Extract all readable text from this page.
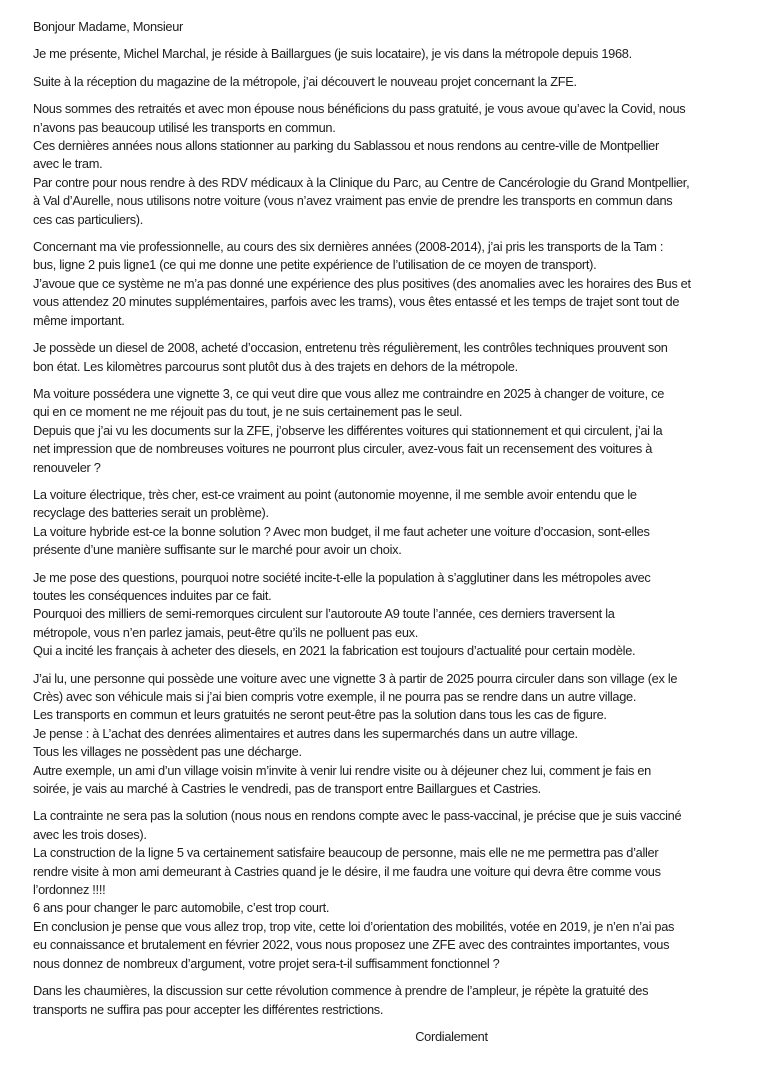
Bonjour Madame, Monsieur
Je me présente, Michel Marchal, je réside à Baillargues (je suis locataire), je vis dans la métropole depuis 1968.
Suite à la réception du magazine de la métropole, j’ai découvert le nouveau projet concernant la ZFE.
Nous sommes des retraités et avec mon épouse nous bénéficions du pass gratuité, je vous avoue qu’avec la Covid, nous
n’avons pas beaucoup utilisé les transports en commun.
Ces dernières années nous allons stationner au parking du Sablassou et nous rendons au centre-ville de Montpellier
avec le tram.
Par contre pour nous rendre à des RDV médicaux à la Clinique du Parc, au Centre de Cancérologie du Grand Montpellier,
à Val d’Aurelle, nous utilisons notre voiture (vous n’avez vraiment pas envie de prendre les transports en commun dans
ces cas particuliers).
Concernant ma vie professionnelle, au cours des six dernières années (2008-2014), j’ai pris les transports de la Tam :
bus, ligne 2 puis ligne1 (ce qui me donne une petite expérience de l’utilisation de ce moyen de transport).
J’avoue que ce système ne m’a pas donné une expérience des plus positives (des anomalies avec les horaires des Bus et
vous attendez 20 minutes supplémentaires, parfois avec les trams), vous êtes entassé et les temps de trajet sont tout de
même important.
Je possède un diesel de 2008, acheté d’occasion, entretenu très régulièrement, les contrôles techniques prouvent son
bon état. Les kilomètres parcourus sont plutôt dus à des trajets en dehors de la métropole.
Ma voiture possédera une vignette 3, ce qui veut dire que vous allez me contraindre en 2025 à changer de voiture, ce
qui en ce moment ne me réjouit pas du tout, je ne suis certainement pas le seul.
Depuis que j’ai vu les documents sur la ZFE, j’observe les différentes voitures qui stationnement et qui circulent, j’ai la
net impression que de nombreuses voitures ne pourront plus circuler, avez-vous fait un recensement des voitures à
renouveler ?
La voiture électrique, très cher, est-ce vraiment au point (autonomie moyenne, il me semble avoir entendu que le
recyclage des batteries serait un problème).
La voiture hybride est-ce la bonne solution ? Avec mon budget, il me faut acheter une voiture d’occasion, sont-elles
présente d’une manière suffisante sur le marché pour avoir un choix.
Je me pose des questions, pourquoi notre société incite-t-elle la population à s’agglutiner dans les métropoles avec
toutes les conséquences induites par ce fait.
Pourquoi des milliers de semi-remorques circulent sur l’autoroute A9 toute l’année, ces derniers traversent la
métropole, vous n’en parlez jamais, peut-être qu’ils ne polluent pas eux.
Qui a incité les français à acheter des diesels, en 2021 la fabrication est toujours d’actualité pour certain modèle.
J’ai lu, une personne qui possède une voiture avec une vignette 3 à partir de 2025 pourra circuler dans son village (ex le
Crès) avec son véhicule mais si j’ai bien compris votre exemple, il ne pourra pas se rendre dans un autre village.
Les transports en commun et leurs gratuités ne seront peut-être pas la solution dans tous les cas de figure.
Je pense : à L’achat des denrées alimentaires et autres dans les supermarchés dans un autre village.
Tous les villages ne possèdent pas une décharge.
Autre exemple, un ami d’un village voisin m’invite à venir lui rendre visite ou à déjeuner chez lui, comment je fais en
soirée, je vais au marché à Castries le vendredi, pas de transport entre Baillargues et Castries.
La contrainte ne sera pas la solution (nous nous en rendons compte avec le pass-vaccinal, je précise que je suis vacciné
avec les trois doses).
La construction de la ligne 5 va certainement satisfaire beaucoup de personne, mais elle ne me permettra pas d’aller
rendre visite à mon ami demeurant à Castries quand je le désire, il me faudra une voiture qui devra être comme vous
l’ordonnez !!!!
6 ans pour changer le parc automobile, c’est trop court.
En conclusion je pense que vous allez trop, trop vite, cette loi d’orientation des mobilités, votée en 2019, je n’en n’ai pas
eu connaissance et brutalement en février 2022, vous nous proposez une ZFE avec des contraintes importantes, vous
nous donnez de nombreux d’argument, votre projet sera-t-il suffisamment fonctionnel ?
Dans les chaumières, la discussion sur cette révolution commence à prendre de l’ampleur, je répète la gratuité des
transports ne suffira pas pour accepter les différentes restrictions.
Cordialement
